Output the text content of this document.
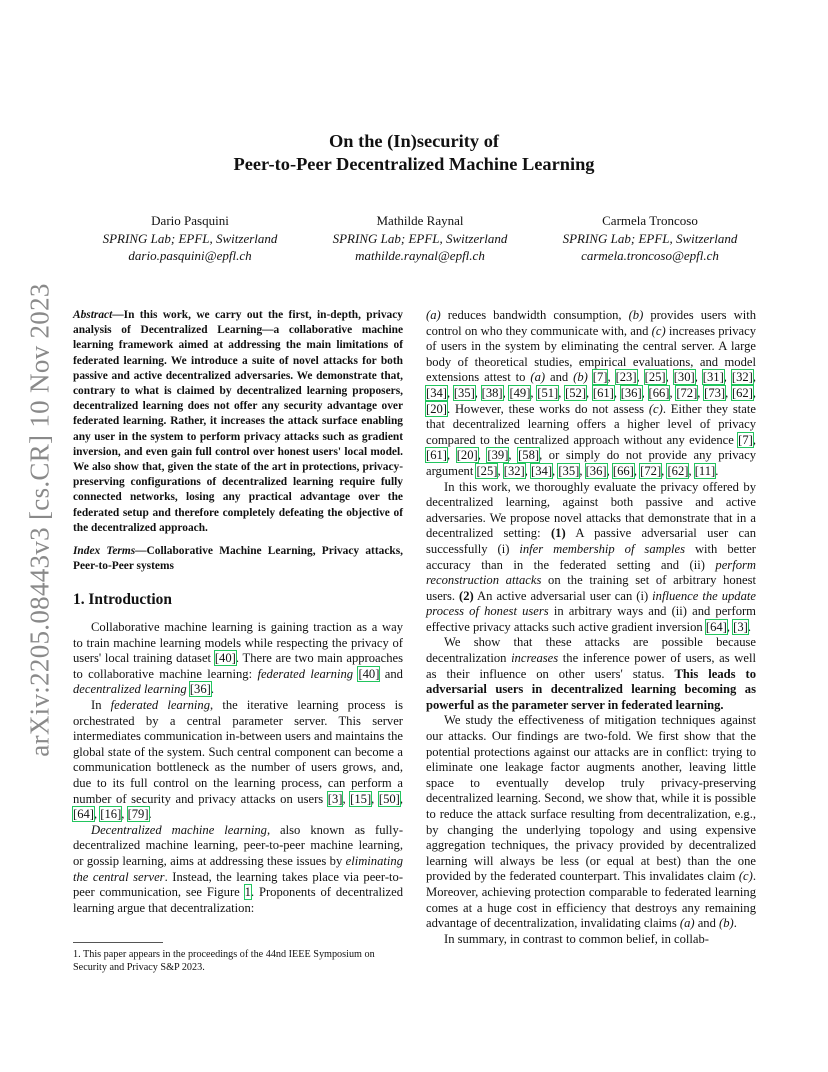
arXiv:2205.08443v3 [cs.CR] 10 Nov 2023
On the (In)security of
Peer-to-Peer Decentralized Machine Learning
Dario Pasquini
SPRING Lab; EPFL, Switzerland
dario.pasquini@epfl.ch
Mathilde Raynal
SPRING Lab; EPFL, Switzerland
mathilde.raynal@epfl.ch
Carmela Troncoso
SPRING Lab; EPFL, Switzerland
carmela.troncoso@epfl.ch

Abstract—In this work, we carry out the first, in-depth, privacy analysis of Decentralized Learning—a collaborative machine learning framework aimed at addressing the main limitations of federated learning. We introduce a suite of novel attacks for both passive and active decentralized adversaries. We demonstrate that, contrary to what is claimed by decentralized learning proposers, decentralized learning does not offer any security advantage over federated learning. Rather, it increases the attack surface enabling any user in the system to perform privacy attacks such as gradient inversion, and even gain full control over honest users' local model. We also show that, given the state of the art in protections, privacy-preserving configurations of decentralized learning require fully connected networks, losing any practical advantage over the federated setup and therefore completely defeating the objective of the decentralized approach.

Index Terms—Collaborative Machine Learning, Privacy attacks, Peer-to-Peer systems

1. Introduction

Collaborative machine learning is gaining traction as a way to train machine learning models while respecting the privacy of users' local training dataset [40]. There are two main approaches to collaborative machine learning: federated learning [40] and decentralized learning [36].

In federated learning, the iterative learning process is orchestrated by a central parameter server. This server intermediates communication in-between users and maintains the global state of the system. Such central component can become a communication bottleneck as the number of users grows, and, due to its full control on the learning process, can perform a number of security and privacy attacks on users [3], [15], [50], [64], [16], [79].

Decentralized machine learning, also known as fully-decentralized machine learning, peer-to-peer machine learning, or gossip learning, aims at addressing these issues by eliminating the central server. Instead, the learning takes place via peer-to-peer communication, see Figure 1. Proponents of decentralized learning argue that decentralization:

1. This paper appears in the proceedings of the 44nd IEEE Symposium on Security and Privacy S&P 2023.

(a) reduces bandwidth consumption, (b) provides users with control on who they communicate with, and (c) increases privacy of users in the system by eliminating the central server. A large body of theoretical studies, empirical evaluations, and model extensions attest to (a) and (b) [7], [23], [25], [30], [31], [32], [34], [35], [38], [49], [51], [52], [61], [36], [66], [72], [73], [62], [20]. However, these works do not assess (c). Either they state that decentralized learning offers a higher level of privacy compared to the centralized approach without any evidence [7], [61], [20], [39], [58], or simply do not provide any privacy argument [25], [32], [34], [35], [36], [66], [72], [62], [11].

In this work, we thoroughly evaluate the privacy offered by decentralized learning, against both passive and active adversaries. We propose novel attacks that demonstrate that in a decentralized setting: (1) A passive adversarial user can successfully (i) infer membership of samples with better accuracy than in the federated setting and (ii) perform reconstruction attacks on the training set of arbitrary honest users. (2) An active adversarial user can (i) influence the update process of honest users in arbitrary ways and (ii) and perform effective privacy attacks such active gradient inversion [64], [3].

We show that these attacks are possible because decentralization increases the inference power of users, as well as their influence on other users' status. This leads to adversarial users in decentralized learning becoming as powerful as the parameter server in federated learning.

We study the effectiveness of mitigation techniques against our attacks. Our findings are two-fold. We first show that the potential protections against our attacks are in conflict: trying to eliminate one leakage factor augments another, leaving little space to eventually develop truly privacy-preserving decentralized learning. Second, we show that, while it is possible to reduce the attack surface resulting from decentralization, e.g., by changing the underlying topology and using expensive aggregation techniques, the privacy provided by decentralized learning will always be less (or equal at best) than the one provided by the federated counterpart. This invalidates claim (c). Moreover, achieving protection comparable to federated learning comes at a huge cost in efficiency that destroys any remaining advantage of decentralization, invalidating claims (a) and (b).

In summary, in contrast to common belief, in collab-
